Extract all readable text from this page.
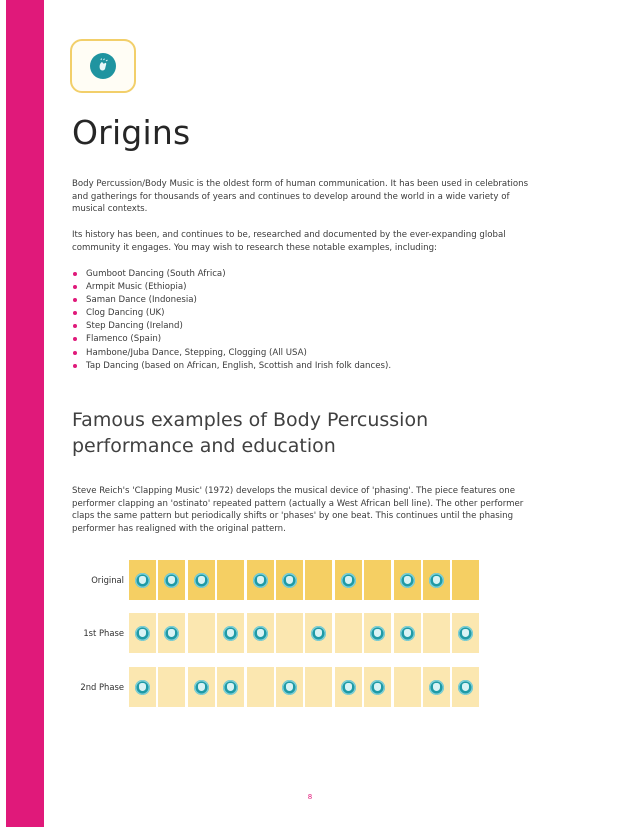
Origins

Body Percussion/Body Music is the oldest form of human communication. It has been used in celebrations and gatherings for thousands of years and continues to develop around the world in a wide variety of musical contexts.

Its history has been, and continues to be, researched and documented by the ever-expanding global community it engages. You may wish to research these notable examples, including:

Gumboot Dancing (South Africa)
Armpit Music (Ethiopia)
Saman Dance (Indonesia)
Clog Dancing (UK)
Step Dancing (Ireland)
Flamenco (Spain)
Hambone/Juba Dance, Stepping, Clogging (All USA)
Tap Dancing (based on African, English, Scottish and Irish folk dances).
Famous examples of Body Percussion performance and education

Steve Reich's 'Clapping Music' (1972) develops the musical device of 'phasing'. The piece features one performer clapping an 'ostinato' repeated pattern (actually a West African bell line). The other performer claps the same pattern but periodically shifts or 'phases' by one beat. This continues until the phasing performer has realigned with the original pattern.

Original
1st Phase
2nd Phase
8
